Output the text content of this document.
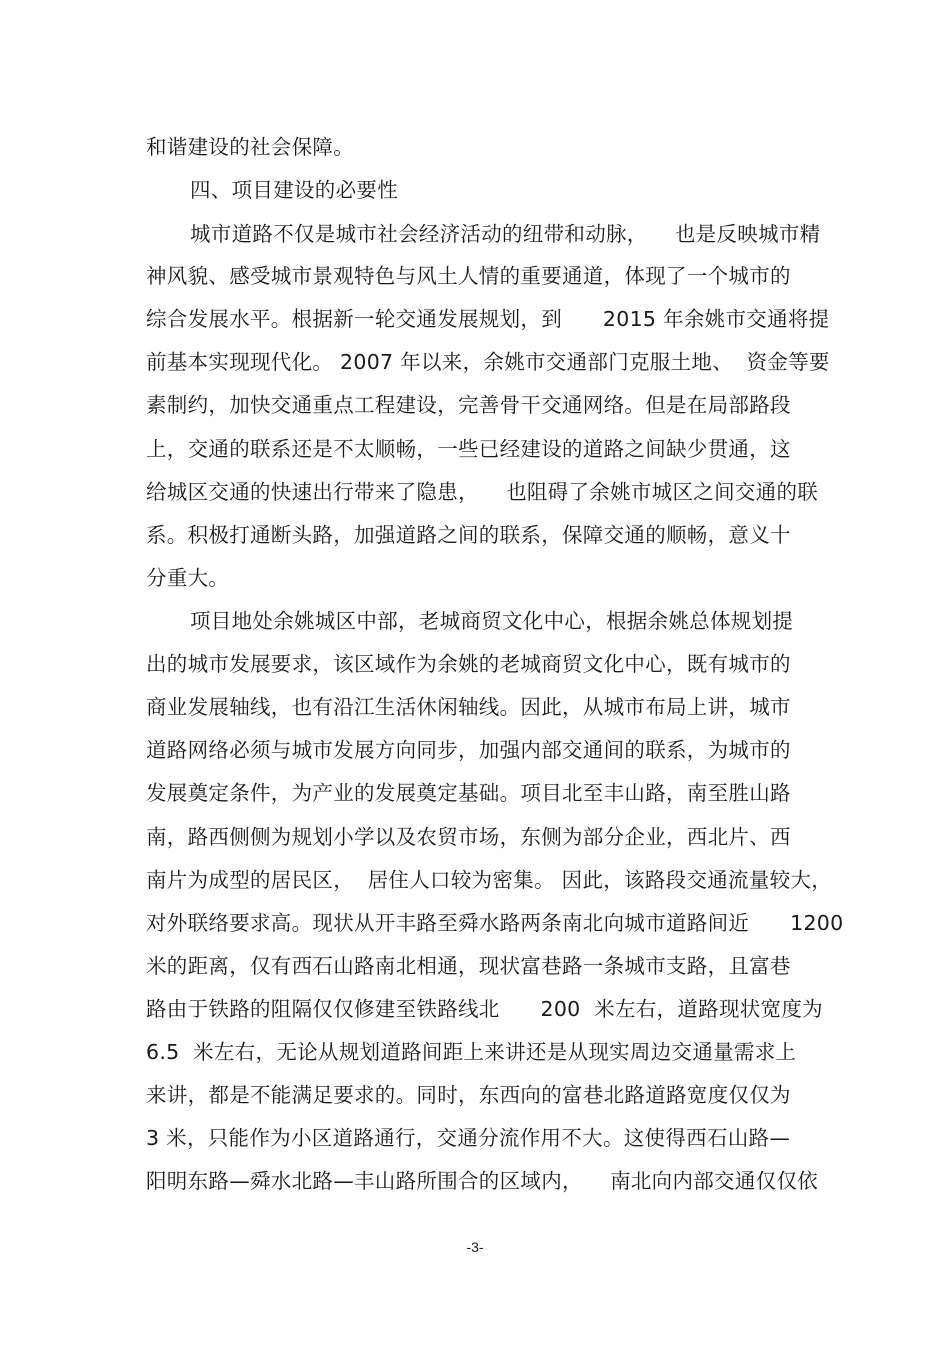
和谐建设的社会保障。
四、项目建设的必要性
城市道路不仅是城市社会经济活动的纽带和动脉，    也是反映城市精
神风貌、感受城市景观特色与风土人情的重要通道，体现了一个城市的
综合发展水平。根据新一轮交通发展规划，到      2015 年余姚市交通将提
前基本实现现代化。 2007 年以来，余姚市交通部门克服土地、  资金等要
素制约，加快交通重点工程建设，完善骨干交通网络。但是在局部路段
上，交通的联系还是不太顺畅，一些已经建设的道路之间缺少贯通，这
给城区交通的快速出行带来了隐患，    也阻碍了余姚市城区之间交通的联
系。积极打通断头路，加强道路之间的联系，保障交通的顺畅，意义十
分重大。
项目地处余姚城区中部，老城商贸文化中心，根据余姚总体规划提
出的城市发展要求，该区域作为余姚的老城商贸文化中心，既有城市的
商业发展轴线，也有沿江生活休闲轴线。因此，从城市布局上讲，城市
道路网络必须与城市发展方向同步，加强内部交通间的联系，为城市的
发展奠定条件，为产业的发展奠定基础。项目北至丰山路，南至胜山路
南，路西侧侧为规划小学以及农贸市场，东侧为部分企业，西北片、西
南片为成型的居民区，  居住人口较为密集。 因此，该路段交通流量较大，
对外联络要求高。现状从开丰路至舜水路两条南北向城市道路间近      1200
米的距离，仅有西石山路南北相通，现状富巷路一条城市支路，且富巷
路由于铁路的阻隔仅仅修建至铁路线北      200  米左右，道路现状宽度为
6.5  米左右，无论从规划道路间距上来讲还是从现实周边交通量需求上
来讲，都是不能满足要求的。同时，东西向的富巷北路道路宽度仅仅为
3 米，只能作为小区道路通行，交通分流作用不大。这使得西石山路—
阳明东路—舜水北路—丰山路所围合的区域内，    南北向内部交通仅仅依
-3-
